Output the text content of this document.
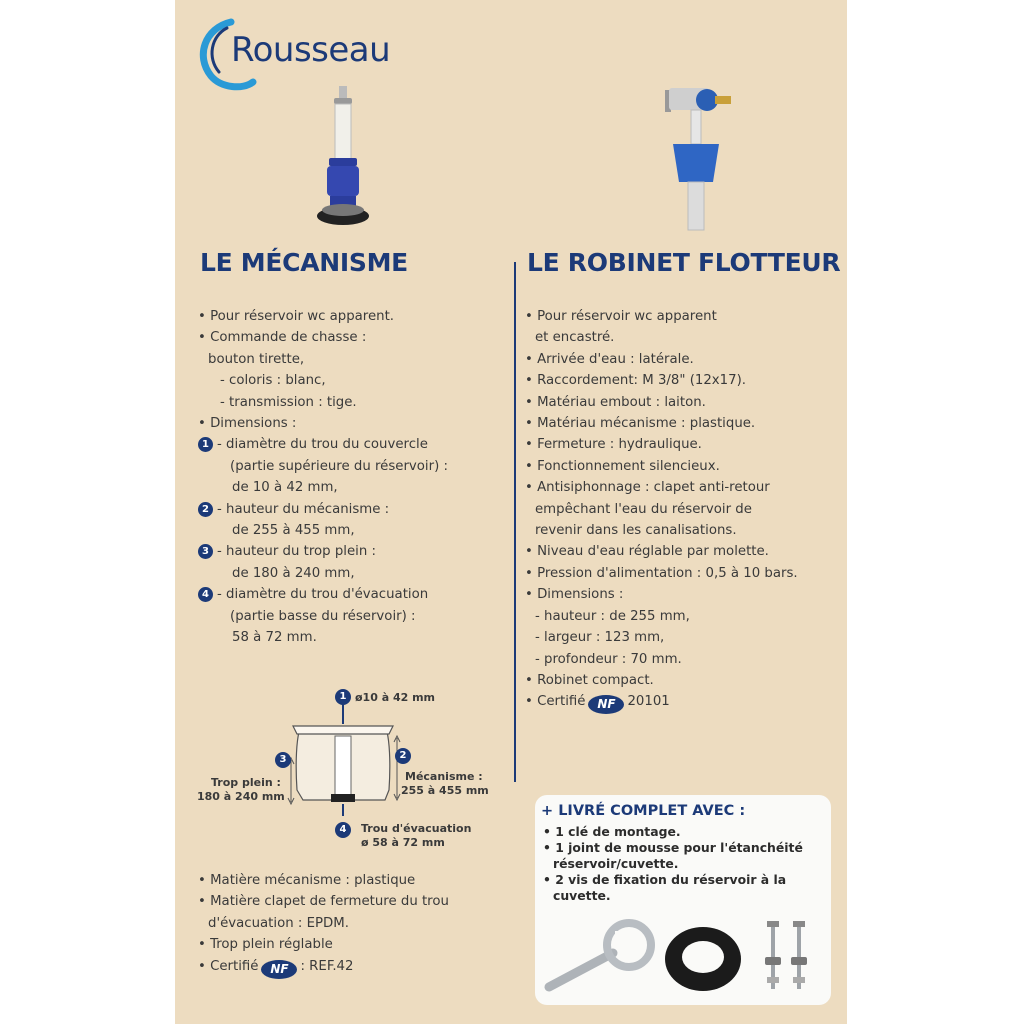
Rousseau
LE MÉCANISME	LE ROBINET FLOTTEUR
• Pour réservoir wc apparent.
• Commande de chasse :
bouton tirette,
- coloris : blanc,
- transmission : tige.
• Dimensions :
1 - diamètre du trou du couvercle
(partie supérieure du réservoir) :
de 10 à 42 mm,
2 - hauteur du mécanisme :
de 255 à 455 mm,
3 - hauteur du trop plein :
de 180 à 240 mm,
4 - diamètre du trou d'évacuation
(partie basse du réservoir) :
58 à 72 mm.
1
2
3
4
ø10 à 42 mm
Mécanisme :
255 à 455 mm
Trop plein :
180 à 240 mm
Trou d'évacuation
ø 58 à 72 mm
• Matière mécanisme : plastique
• Matière clapet de fermeture du trou
d'évacuation : EPDM.
• Trop plein réglable
• Certifié NF : REF.42
• Pour réservoir wc apparent
et encastré.
• Arrivée d'eau : latérale.
• Raccordement: M 3/8" (12x17).
• Matériau embout : laiton.
• Matériau mécanisme : plastique.
• Fermeture : hydraulique.
• Fonctionnement silencieux.
• Antisiphonnage : clapet anti-retour
empêchant l'eau du réservoir de
revenir dans les canalisations.
• Niveau d'eau réglable par molette.
• Pression d'alimentation : 0,5 à 10 bars.
• Dimensions :
- hauteur : de 255 mm,
- largeur : 123 mm,
- profondeur : 70 mm.
• Robinet compact.
• Certifié NF 20101
+ LIVRÉ COMPLET AVEC :
• 1 clé de montage.
• 1 joint de mousse pour l'étanchéité
réservoir/cuvette.
• 2 vis de fixation du réservoir à la
cuvette.
